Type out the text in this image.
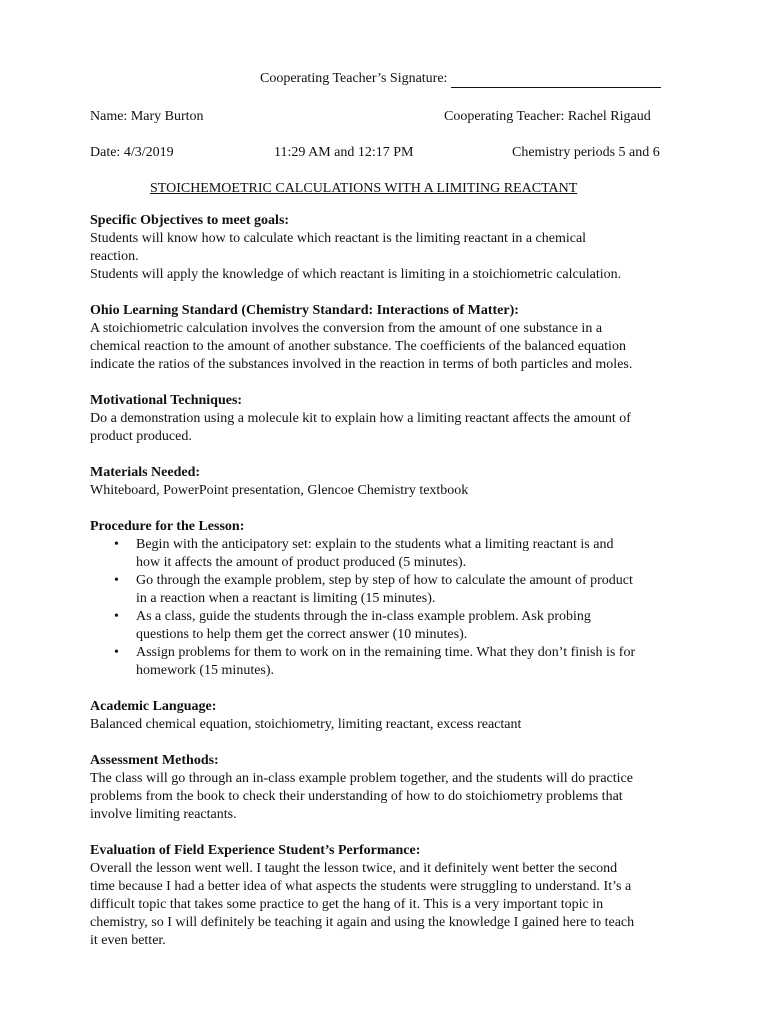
Cooperating Teacher’s Signature:
Name: Mary Burton	Cooperating Teacher: Rachel Rigaud
Date: 4/3/2019	11:29 AM and 12:17 PM	Chemistry periods 5 and 6
STOICHEMOETRIC CALCULATIONS WITH A LIMITING REACTANT
Specific Objectives to meet goals:
Students will know how to calculate which reactant is the limiting reactant in a chemical
reaction.
Students will apply the knowledge of which reactant is limiting in a stoichiometric calculation.
Ohio Learning Standard (Chemistry Standard: Interactions of Matter):
A stoichiometric calculation involves the conversion from the amount of one substance in a
chemical reaction to the amount of another substance. The coefficients of the balanced equation
indicate the ratios of the substances involved in the reaction in terms of both particles and moles.
Motivational Techniques:
Do a demonstration using a molecule kit to explain how a limiting reactant affects the amount of
product produced.
Materials Needed:
Whiteboard, PowerPoint presentation, Glencoe Chemistry textbook
Procedure for the Lesson:
• Begin with the anticipatory set: explain to the students what a limiting reactant is and
how it affects the amount of product produced (5 minutes).
• Go through the example problem, step by step of how to calculate the amount of product
in a reaction when a reactant is limiting (15 minutes).
• As a class, guide the students through the in-class example problem. Ask probing
questions to help them get the correct answer (10 minutes).
• Assign problems for them to work on in the remaining time. What they don’t finish is for
homework (15 minutes).
Academic Language:
Balanced chemical equation, stoichiometry, limiting reactant, excess reactant
Assessment Methods:
The class will go through an in-class example problem together, and the students will do practice
problems from the book to check their understanding of how to do stoichiometry problems that
involve limiting reactants.
Evaluation of Field Experience Student’s Performance:
Overall the lesson went well. I taught the lesson twice, and it definitely went better the second
time because I had a better idea of what aspects the students were struggling to understand. It’s a
difficult topic that takes some practice to get the hang of it. This is a very important topic in
chemistry, so I will definitely be teaching it again and using the knowledge I gained here to teach
it even better.
